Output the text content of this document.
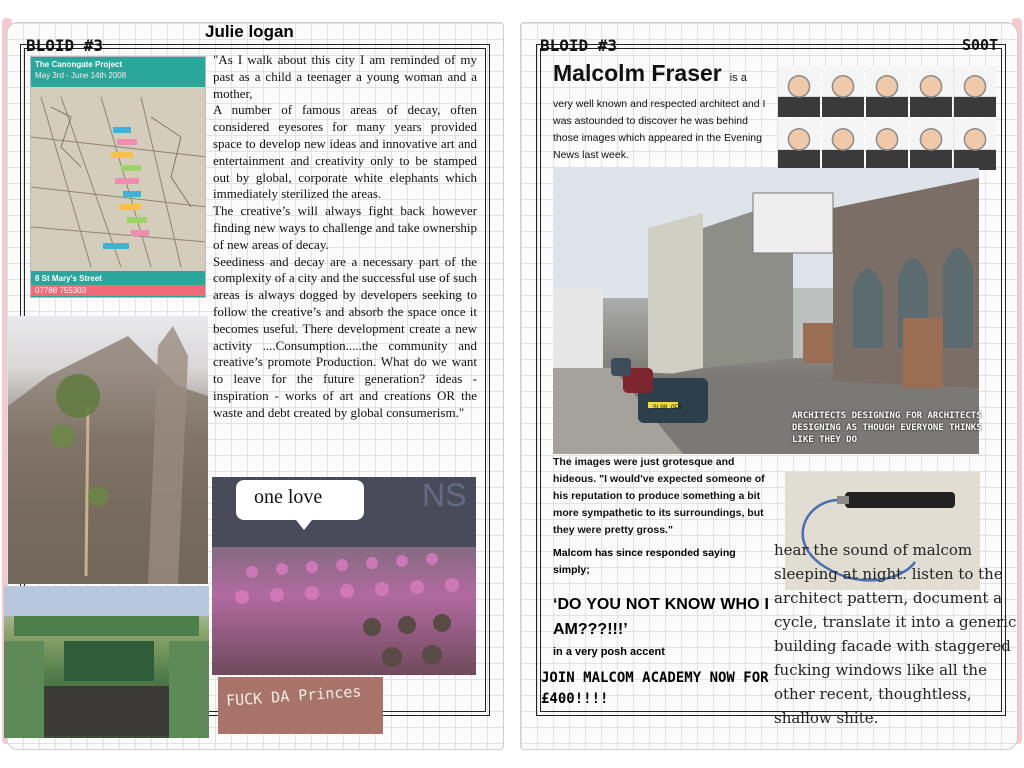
BLOID #3
Julie logan
The Canongate Project
May 3rd - June 14th 2008
8 St Mary's Street
07788 755303

"As I walk about this city I am reminded of my past as a child a teenager a young woman and a mother,

A number of famous areas of decay, often considered eyesores for many years provided space to develop new ideas and innovative art and entertainment and creativity only to be stamped out by global, corporate white elephants which immediately sterilized the areas.

The creative’s will always fight back however finding new ways to challenge and take ownership of new areas of decay.

Seediness and decay are a necessary part of the complexity of a city and the successful use of such areas is always dogged by developers seeking to follow the creative’s and absorb the space once it becomes useful. There development create a new activity ....Consumption.....the community and creative’s promote Production. What do we want to leave for the future generation? ideas - inspiration - works of art and creations OR the waste and debt created by global consumerism."

NS
one love
FUCK DA Princes
BLOID #3	S00T
Malcolm Fraser is a
very well known and respected architect and I was astounded to discover he was behind those images which appeared in the Evening News last week.
SL08 OFG
ARCHITECTS DESIGNING FOR ARCHITECTS DESIGNING AS THOUGH EVERYONE THINKS LIKE THEY DO
The images were just grotesque and hideous. "I would've expected someone of his reputation to produce something a bit more sympathetic to its surroundings, but they were pretty gross."
Malcom has since responded saying simply;
‘DO YOU NOT KNOW WHO I AM???!!!’
in a very posh accent
JOIN MALCOM ACADEMY NOW FOR £400!!!!
hear the sound of malcom sleeping at night. listen to the architect pattern, document a cycle, translate it into a generic building facade with staggered fucking windows like all the other recent, thoughtless, shallow shite.
